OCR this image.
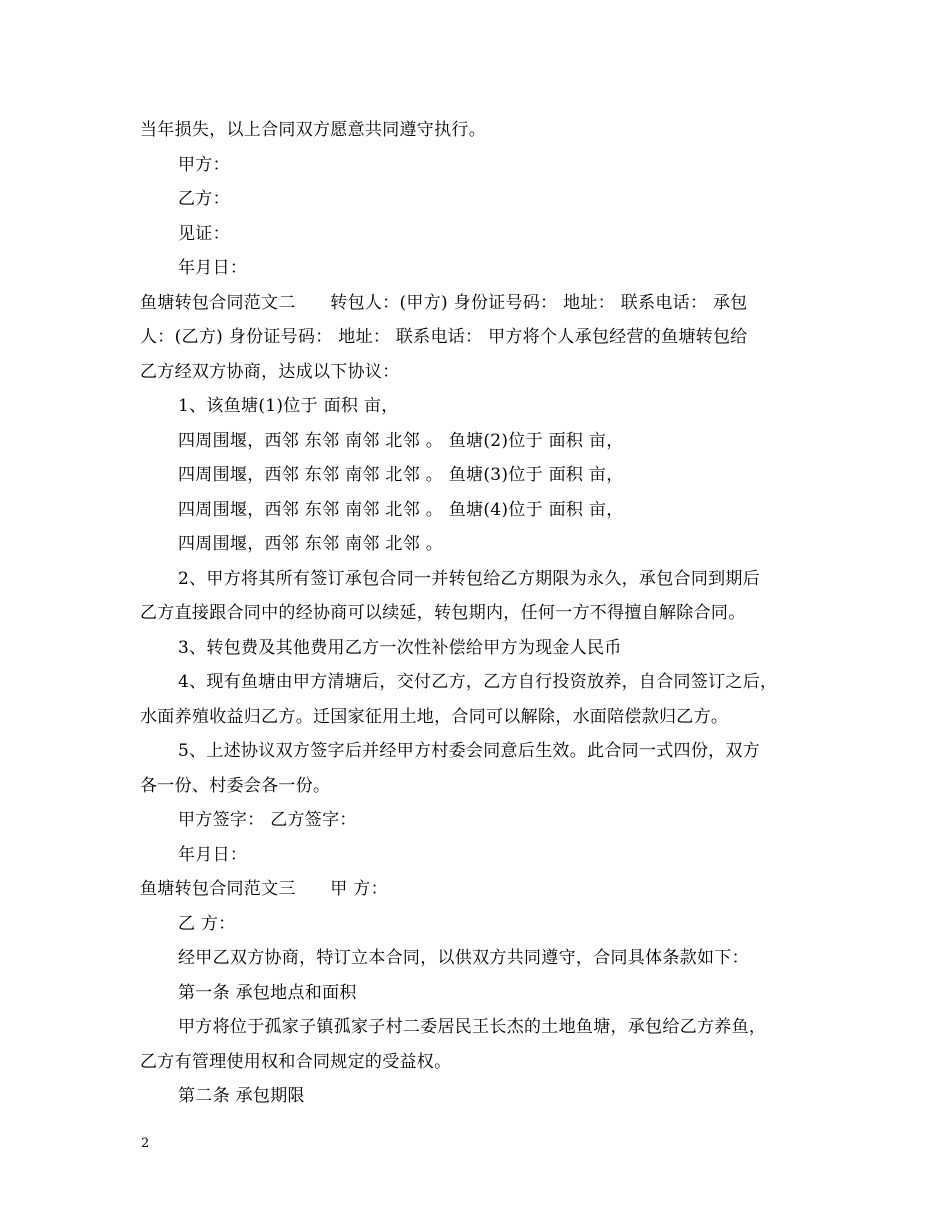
当年损失，以上合同双方愿意共同遵守执行。
甲方：
乙方：
见证：
年月日：
鱼塘转包合同范文二　　转包人：(甲方) 身份证号码： 地址： 联系电话： 承包
人：(乙方) 身份证号码： 地址： 联系电话： 甲方将个人承包经营的鱼塘转包给
乙方经双方协商，达成以下协议：
1、该鱼塘(1)位于 面积 亩，
四周围堰，西邻 东邻 南邻 北邻 。 鱼塘(2)位于 面积 亩，
四周围堰，西邻 东邻 南邻 北邻 。 鱼塘(3)位于 面积 亩，
四周围堰，西邻 东邻 南邻 北邻 。 鱼塘(4)位于 面积 亩，
四周围堰，西邻 东邻 南邻 北邻 。
2、甲方将其所有签订承包合同一并转包给乙方期限为永久，承包合同到期后
乙方直接跟合同中的经协商可以续延，转包期内，任何一方不得擅自解除合同。
3、转包费及其他费用乙方一次性补偿给甲方为现金人民币
4、现有鱼塘由甲方清塘后，交付乙方，乙方自行投资放养，自合同签订之后，
水面养殖收益归乙方。迁国家征用土地，合同可以解除，水面陪偿款归乙方。
5、上述协议双方签字后并经甲方村委会同意后生效。此合同一式四份，双方
各一份、村委会各一份。
甲方签字： 乙方签字：
年月日：
鱼塘转包合同范文三　　甲 方：
乙 方：
经甲乙双方协商，特订立本合同，以供双方共同遵守，合同具体条款如下：
第一条 承包地点和面积
甲方将位于孤家子镇孤家子村二委居民王长杰的土地鱼塘，承包给乙方养鱼，
乙方有管理使用权和合同规定的受益权。
第二条 承包期限
2
